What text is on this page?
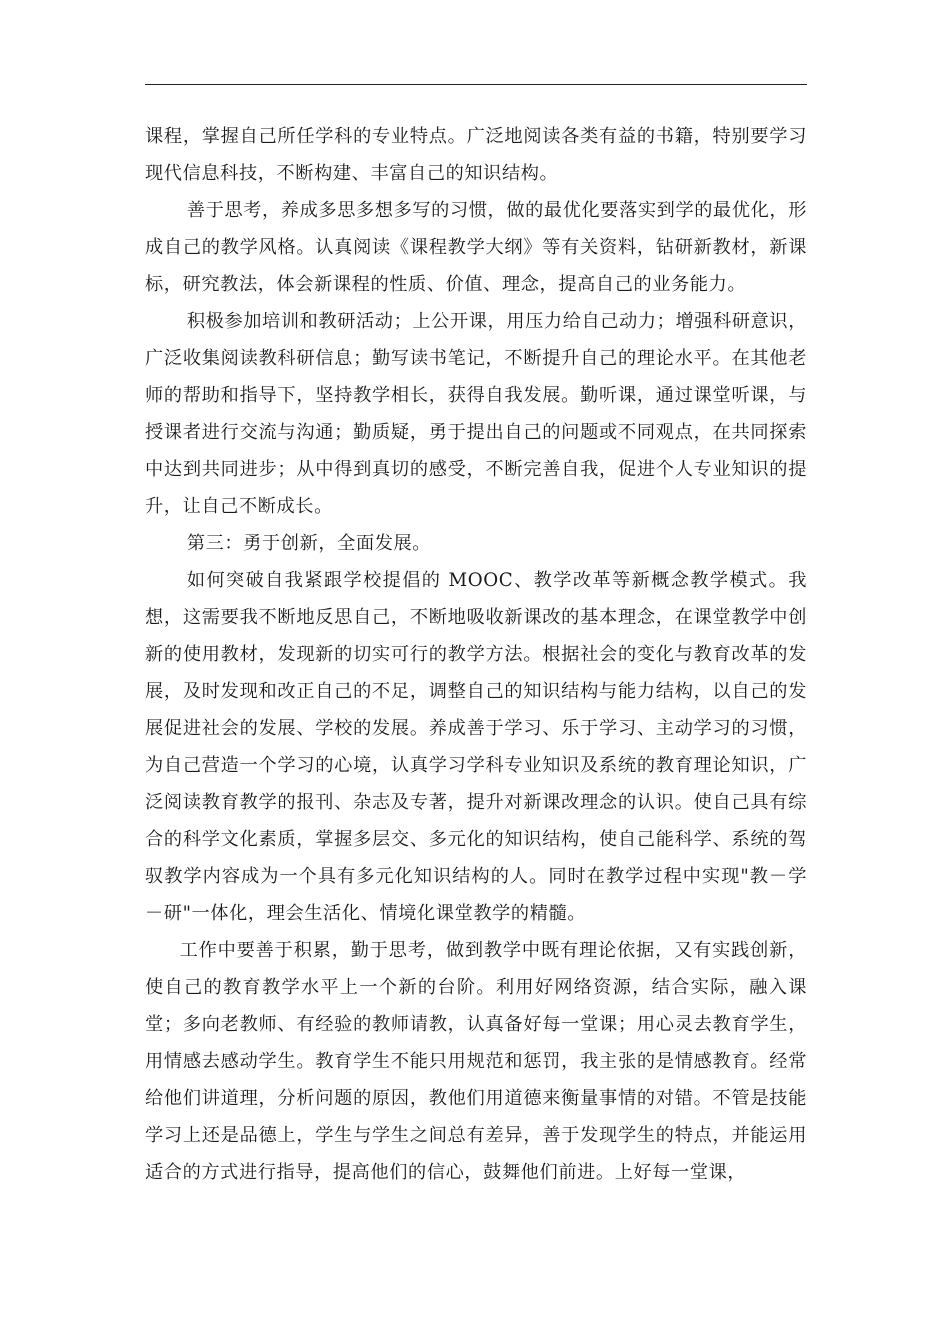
课程，掌握自己所任学科的专业特点。广泛地阅读各类有益的书籍，特别要学习现代信息科技，不断构建、丰富自己的知识结构。

善于思考，养成多思多想多写的习惯，做的最优化要落实到学的最优化，形成自己的教学风格。认真阅读《课程教学大纲》等有关资料，钻研新教材，新课标，研究教法，体会新课程的性质、价值、理念，提高自己的业务能力。

积极参加培训和教研活动；上公开课，用压力给自己动力；增强科研意识，广泛收集阅读教科研信息；勤写读书笔记，不断提升自己的理论水平。在其他老师的帮助和指导下，坚持教学相长，获得自我发展。勤听课，通过课堂听课，与授课者进行交流与沟通；勤质疑，勇于提出自己的问题或不同观点，在共同探索中达到共同进步；从中得到真切的感受，不断完善自我，促进个人专业知识的提升，让自己不断成长。

第三：勇于创新，全面发展。

如何突破自我紧跟学校提倡的 MOOC、教学改革等新概念教学模式。我想，这需要我不断地反思自己，不断地吸收新课改的基本理念，在课堂教学中创新的使用教材，发现新的切实可行的教学方法。根据社会的变化与教育改革的发展，及时发现和改正自己的不足，调整自己的知识结构与能力结构，以自己的发展促进社会的发展、学校的发展。养成善于学习、乐于学习、主动学习的习惯，为自己营造一个学习的心境，认真学习学科专业知识及系统的教育理论知识，广泛阅读教育教学的报刊、杂志及专著，提升对新课改理念的认识。使自己具有综合的科学文化素质，掌握多层交、多元化的知识结构，使自己能科学、系统的驾驭教学内容成为一个具有多元化知识结构的人。同时在教学过程中实现"教－学－研"一体化，理会生活化、情境化课堂教学的精髓。

工作中要善于积累，勤于思考，做到教学中既有理论依据，又有实践创新，使自己的教育教学水平上一个新的台阶。利用好网络资源，结合实际，融入课堂；多向老教师、有经验的教师请教，认真备好每一堂课；用心灵去教育学生，用情感去感动学生。教育学生不能只用规范和惩罚，我主张的是情感教育。经常给他们讲道理，分析问题的原因，教他们用道德来衡量事情的对错。不管是技能学习上还是品德上，学生与学生之间总有差异，善于发现学生的特点，并能运用适合的方式进行指导，提高他们的信心，鼓舞他们前进。上好每一堂课，
